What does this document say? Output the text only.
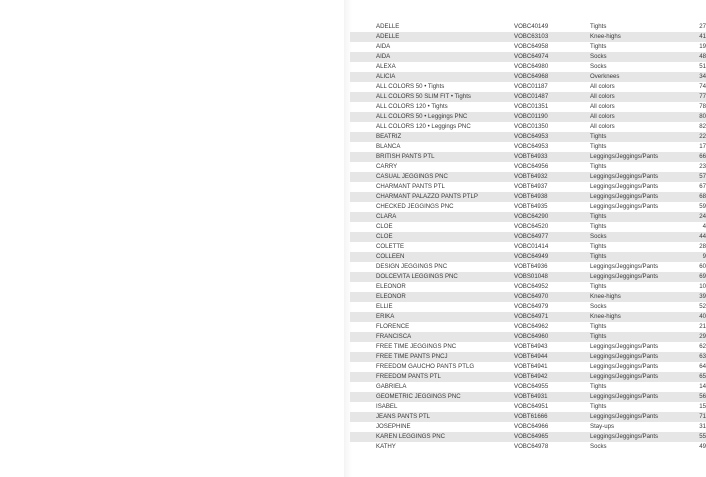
ADELLE	VOBC40149	Tights	27
ADELLE	VOBC63103	Knee-highs	41
AIDA	VOBC64958	Tights	19
AIDA	VOBC64974	Socks	48
ALEXA	VOBC64980	Socks	51
ALICIA	VOBC64968	Overknees	34
ALL COLORS 50 • Tights	VOBC01187	All colors	74
ALL COLORS 50 SLIM FIT • Tights	VOBC01487	All colors	77
ALL COLORS 120 • Tights	VOBC01351	All colors	78
ALL COLORS 50 • Leggings PNC	VOBC01190	All colors	80
ALL COLORS 120 • Leggings PNC	VOBC01350	All colors	82
BEATRIZ	VOBC64953	Tights	22
BLANCA	VOBC64953	Tights	17
BRITISH PANTS PTL	VOBT64933	Leggings/Jeggings/Pants	66
CARRY	VOBC64956	Tights	23
CASUAL JEGGINGS PNC	VOBT64932	Leggings/Jeggings/Pants	57
CHARMANT PANTS PTL	VOBT64937	Leggings/Jeggings/Pants	67
CHARMANT PALAZZO PANTS PTLP	VOBT64938	Leggings/Jeggings/Pants	68
CHECKED JEGGINGS PNC	VOBT64935	Leggings/Jeggings/Pants	59
CLARA	VOBC64290	Tights	24
CLOE	VOBC64520	Tights	4
CLOE	VOBC64977	Socks	44
COLETTE	VOBC01414	Tights	28
COLLEEN	VOBC64949	Tights	9
DESIGN JEGGINGS PNC	VOBT64936	Leggings/Jeggings/Pants	60
DOLCEVITA LEGGINGS PNC	VOBS01048	Leggings/Jeggings/Pants	69
ELEONOR	VOBC64952	Tights	10
ELEONOR	VOBC64970	Knee-highs	39
ELLIE	VOBC64979	Socks	52
ERIKA	VOBC64971	Knee-highs	40
FLORENCE	VOBC64962	Tights	21
FRANCISCA	VOBC64960	Tights	29
FREE TIME JEGGINGS PNC	VOBT64943	Leggings/Jeggings/Pants	62
FREE TIME PANTS PNCJ	VOBT64944	Leggings/Jeggings/Pants	63
FREEDOM GAUCHO PANTS PTLG	VOBT64941	Leggings/Jeggings/Pants	64
FREEDOM PANTS PTL	VOBT64942	Leggings/Jeggings/Pants	65
GABRIELA	VOBC64955	Tights	14
GEOMETRIC JEGGINGS PNC	VOBT64931	Leggings/Jeggings/Pants	56
ISABEL	VOBC64951	Tights	15
JEANS PANTS PTL	VOBT61666	Leggings/Jeggings/Pants	71
JOSEPHINE	VOBC64966	Stay-ups	31
KAREN LEGGINGS PNC	VOBC64965	Leggings/Jeggings/Pants	55
KATHY	VOBC64978	Socks	49
